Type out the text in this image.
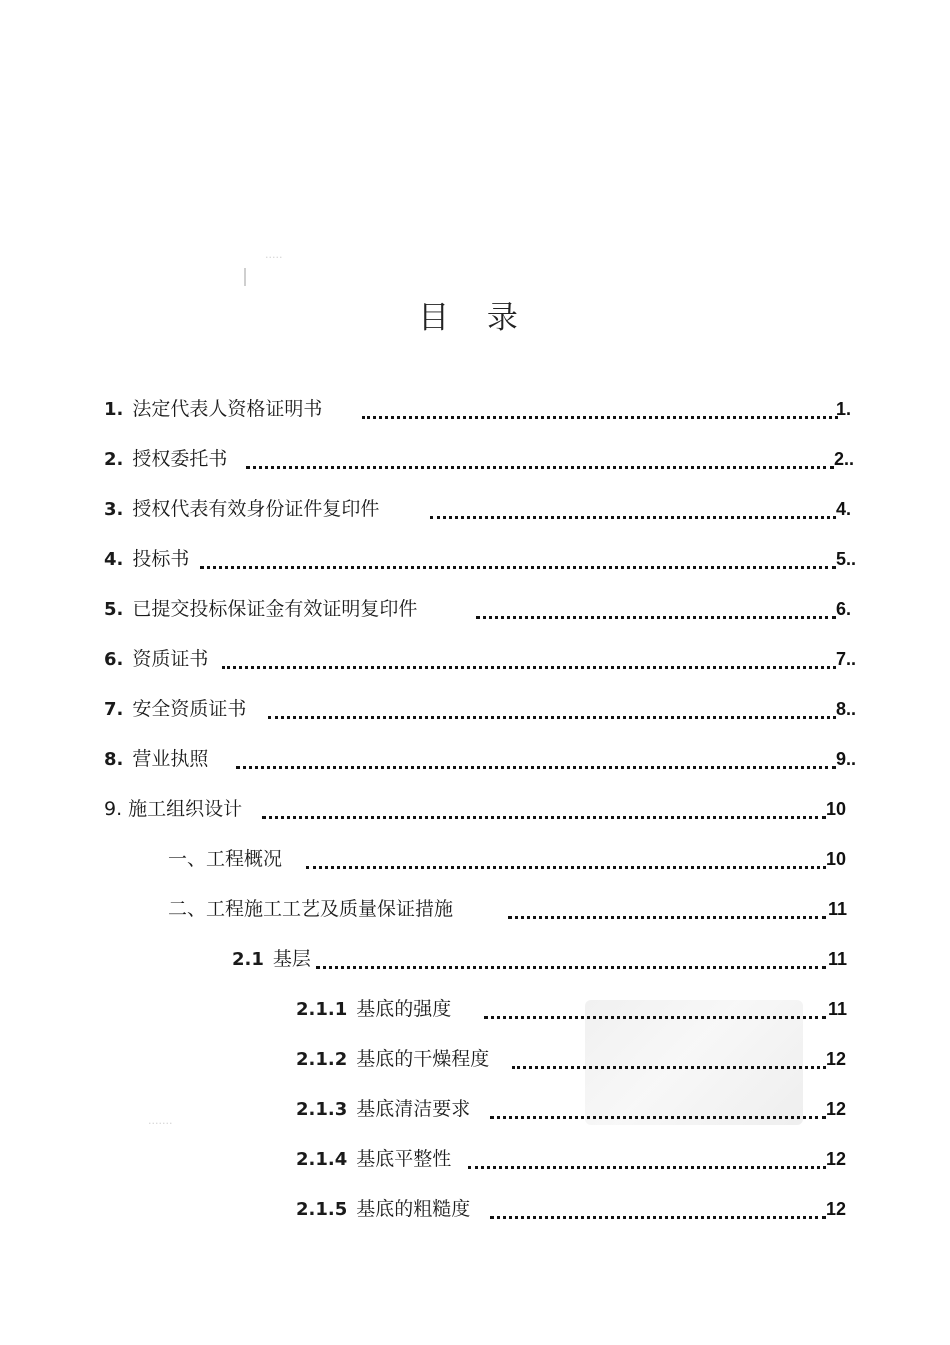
·····
·······
目 录
1. 法定代表人资格证明书	1.
2. 授权委托书	2..
3. 授权代表有效身份证件复印件	4.
4. 投标书	5..
5. 已提交投标保证金有效证明复印件	6.
6. 资质证书	7..
7. 安全资质证书	8..
8. 营业执照	9..
9. 施工组织设计	10
一、工程概况	10
二、工程施工工艺及质量保证措施	11
2.1 基层	11
2.1.1 基底的强度	11
2.1.2 基底的干燥程度	12
2.1.3 基底清洁要求	12
2.1.4 基底平整性	12
2.1.5 基底的粗糙度	12
